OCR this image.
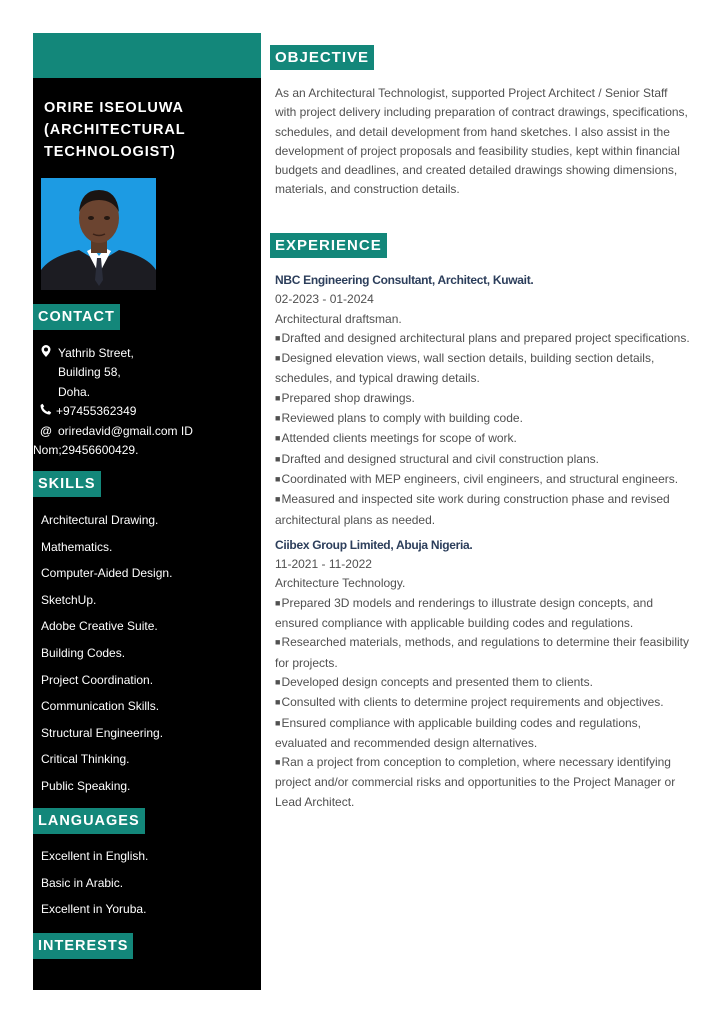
ORIRE ISEOLUWA (ARCHITECTURAL TECHNOLOGIST)
CONTACT
Yathrib Street,
Building 58,
Doha.
+97455362349
@ oriredavid@gmail.com ID
Nom;29456600429.
SKILLS
Architectural Drawing.
Mathematics.
Computer-Aided Design.
SketchUp.
Adobe Creative Suite.
Building Codes.
Project Coordination.
Communication Skills.
Structural Engineering.
Critical Thinking.
Public Speaking.
LANGUAGES
Excellent in English.
Basic in Arabic.
Excellent in Yoruba.
INTERESTS
OBJECTIVE
As an Architectural Technologist, supported Project Architect / Senior Staff with project delivery including preparation of contract drawings, specifications, schedules, and detail development from hand sketches. I also assist in the development of project proposals and feasibility studies, kept within financial budgets and deadlines, and created detailed drawings showing dimensions, materials, and construction details.
EXPERIENCE

NBC Engineering Consultant, Architect, Kuwait.

02-2023 - 01-2024

Architectural draftsman.

■ Drafted and designed architectural plans and prepared project specifications.

■ Designed elevation views, wall section details, building section details, schedules, and typical drawing details.

■ Prepared shop drawings.

■ Reviewed plans to comply with building code.

■ Attended clients meetings for scope of work.

■ Drafted and designed structural and civil construction plans.

■ Coordinated with MEP engineers, civil engineers, and structural engineers.

■ Measured and inspected site work during construction phase and revised architectural plans as needed.

Ciibex Group Limited, Abuja Nigeria.

11-2021 - 11-2022

Architecture Technology.

■ Prepared 3D models and renderings to illustrate design concepts, and ensured compliance with applicable building codes and regulations.

■ Researched materials, methods, and regulations to determine their feasibility for projects.

■ Developed design concepts and presented them to clients.

■ Consulted with clients to determine project requirements and objectives.

■ Ensured compliance with applicable building codes and regulations, evaluated and recommended design alternatives.

■ Ran a project from conception to completion, where necessary identifying project and/or commercial risks and opportunities to the Project Manager or Lead Architect.
